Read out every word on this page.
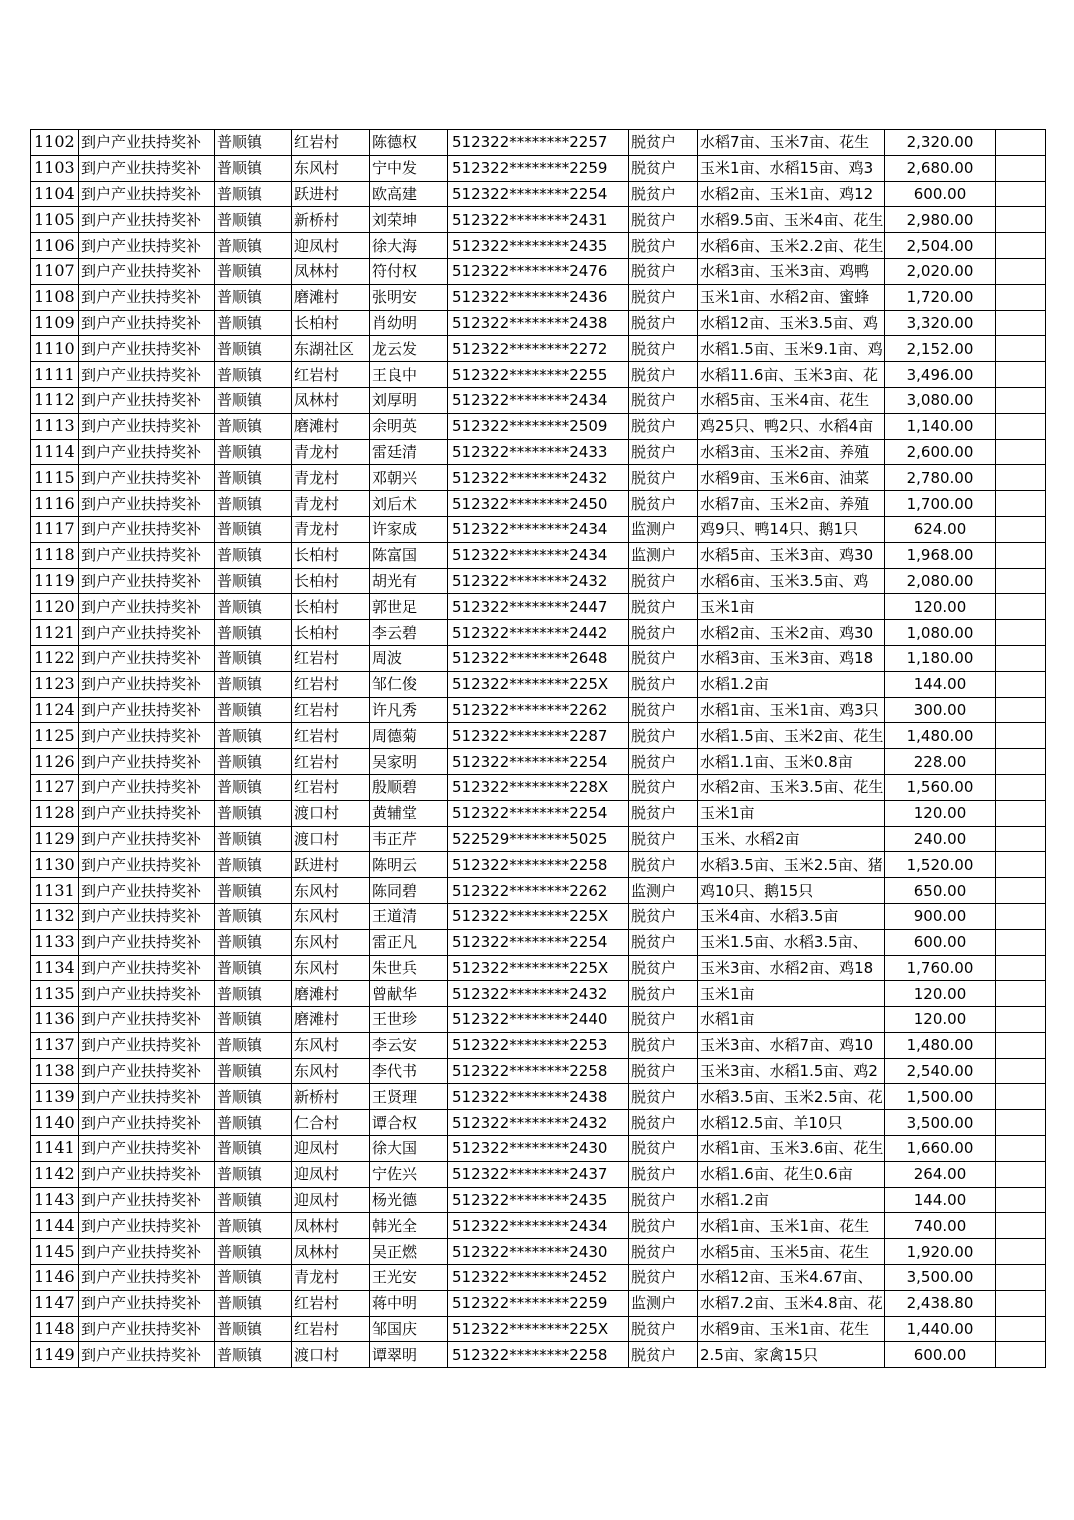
1102	到户产业扶持奖补	普顺镇	红岩村	陈德权	512322********2257	脱贫户	水稻7亩、玉米7亩、花生	2,320.00	
1103	到户产业扶持奖补	普顺镇	东风村	宁中发	512322********2259	脱贫户	玉米1亩、水稻15亩、鸡3	2,680.00	
1104	到户产业扶持奖补	普顺镇	跃进村	欧高建	512322********2254	脱贫户	水稻2亩、玉米1亩、鸡12	600.00	
1105	到户产业扶持奖补	普顺镇	新桥村	刘荣坤	512322********2431	脱贫户	水稻9.5亩、玉米4亩、花生	2,980.00	
1106	到户产业扶持奖补	普顺镇	迎凤村	徐大海	512322********2435	脱贫户	水稻6亩、玉米2.2亩、花生	2,504.00	
1107	到户产业扶持奖补	普顺镇	凤林村	符付权	512322********2476	脱贫户	水稻3亩、玉米3亩、鸡鸭	2,020.00	
1108	到户产业扶持奖补	普顺镇	磨滩村	张明安	512322********2436	脱贫户	玉米1亩、水稻2亩、蜜蜂	1,720.00	
1109	到户产业扶持奖补	普顺镇	长柏村	肖幼明	512322********2438	脱贫户	水稻12亩、玉米3.5亩、鸡	3,320.00	
1110	到户产业扶持奖补	普顺镇	东湖社区	龙云发	512322********2272	脱贫户	水稻1.5亩、玉米9.1亩、鸡	2,152.00	
1111	到户产业扶持奖补	普顺镇	红岩村	王良中	512322********2255	脱贫户	水稻11.6亩、玉米3亩、花	3,496.00	
1112	到户产业扶持奖补	普顺镇	凤林村	刘厚明	512322********2434	脱贫户	水稻5亩、玉米4亩、花生	3,080.00	
1113	到户产业扶持奖补	普顺镇	磨滩村	余明英	512322********2509	脱贫户	鸡25只、鸭2只、水稻4亩	1,140.00	
1114	到户产业扶持奖补	普顺镇	青龙村	雷廷清	512322********2433	脱贫户	水稻3亩、玉米2亩、养殖	2,600.00	
1115	到户产业扶持奖补	普顺镇	青龙村	邓朝兴	512322********2432	脱贫户	水稻9亩、玉米6亩、油菜	2,780.00	
1116	到户产业扶持奖补	普顺镇	青龙村	刘后术	512322********2450	脱贫户	水稻7亩、玉米2亩、养殖	1,700.00	
1117	到户产业扶持奖补	普顺镇	青龙村	许家成	512322********2434	监测户	鸡9只、鸭14只、鹅1只	624.00	
1118	到户产业扶持奖补	普顺镇	长柏村	陈富国	512322********2434	监测户	水稻5亩、玉米3亩、鸡30	1,968.00	
1119	到户产业扶持奖补	普顺镇	长柏村	胡光有	512322********2432	脱贫户	水稻6亩、玉米3.5亩、鸡	2,080.00	
1120	到户产业扶持奖补	普顺镇	长柏村	郭世足	512322********2447	脱贫户	玉米1亩	120.00	
1121	到户产业扶持奖补	普顺镇	长柏村	李云碧	512322********2442	脱贫户	水稻2亩、玉米2亩、鸡30	1,080.00	
1122	到户产业扶持奖补	普顺镇	红岩村	周波	512322********2648	脱贫户	水稻3亩、玉米3亩、鸡18	1,180.00	
1123	到户产业扶持奖补	普顺镇	红岩村	邹仁俊	512322********225X	脱贫户	水稻1.2亩	144.00	
1124	到户产业扶持奖补	普顺镇	红岩村	许凡秀	512322********2262	脱贫户	水稻1亩、玉米1亩、鸡3只	300.00	
1125	到户产业扶持奖补	普顺镇	红岩村	周德菊	512322********2287	脱贫户	水稻1.5亩、玉米2亩、花生	1,480.00	
1126	到户产业扶持奖补	普顺镇	红岩村	吴家明	512322********2254	脱贫户	水稻1.1亩、玉米0.8亩	228.00	
1127	到户产业扶持奖补	普顺镇	红岩村	殷顺碧	512322********228X	脱贫户	水稻2亩、玉米3.5亩、花生	1,560.00	
1128	到户产业扶持奖补	普顺镇	渡口村	黄辅堂	512322********2254	脱贫户	玉米1亩	120.00	
1129	到户产业扶持奖补	普顺镇	渡口村	韦正芹	522529********5025	脱贫户	玉米、水稻2亩	240.00	
1130	到户产业扶持奖补	普顺镇	跃进村	陈明云	512322********2258	脱贫户	水稻3.5亩、玉米2.5亩、猪	1,520.00	
1131	到户产业扶持奖补	普顺镇	东风村	陈同碧	512322********2262	监测户	鸡10只、鹅15只	650.00	
1132	到户产业扶持奖补	普顺镇	东风村	王道清	512322********225X	脱贫户	玉米4亩、水稻3.5亩	900.00	
1133	到户产业扶持奖补	普顺镇	东风村	雷正凡	512322********2254	脱贫户	玉米1.5亩、水稻3.5亩、	600.00	
1134	到户产业扶持奖补	普顺镇	东风村	朱世兵	512322********225X	脱贫户	玉米3亩、水稻2亩、鸡18	1,760.00	
1135	到户产业扶持奖补	普顺镇	磨滩村	曾献华	512322********2432	脱贫户	玉米1亩	120.00	
1136	到户产业扶持奖补	普顺镇	磨滩村	王世珍	512322********2440	脱贫户	水稻1亩	120.00	
1137	到户产业扶持奖补	普顺镇	东风村	李云安	512322********2253	脱贫户	玉米3亩、水稻7亩、鸡10	1,480.00	
1138	到户产业扶持奖补	普顺镇	东风村	李代书	512322********2258	脱贫户	玉米3亩、水稻1.5亩、鸡2	2,540.00	
1139	到户产业扶持奖补	普顺镇	新桥村	王贤理	512322********2438	脱贫户	水稻3.5亩、玉米2.5亩、花	1,500.00	
1140	到户产业扶持奖补	普顺镇	仁合村	谭合权	512322********2432	脱贫户	水稻12.5亩、羊10只	3,500.00	
1141	到户产业扶持奖补	普顺镇	迎凤村	徐大国	512322********2430	脱贫户	水稻1亩、玉米3.6亩、花生	1,660.00	
1142	到户产业扶持奖补	普顺镇	迎凤村	宁佐兴	512322********2437	脱贫户	水稻1.6亩、花生0.6亩	264.00	
1143	到户产业扶持奖补	普顺镇	迎凤村	杨光德	512322********2435	脱贫户	水稻1.2亩	144.00	
1144	到户产业扶持奖补	普顺镇	凤林村	韩光全	512322********2434	脱贫户	水稻1亩、玉米1亩、花生	740.00	
1145	到户产业扶持奖补	普顺镇	凤林村	吴正燃	512322********2430	脱贫户	水稻5亩、玉米5亩、花生	1,920.00	
1146	到户产业扶持奖补	普顺镇	青龙村	王光安	512322********2452	脱贫户	水稻12亩、玉米4.67亩、	3,500.00	
1147	到户产业扶持奖补	普顺镇	红岩村	蒋中明	512322********2259	监测户	水稻7.2亩、玉米4.8亩、花	2,438.80	
1148	到户产业扶持奖补	普顺镇	红岩村	邹国庆	512322********225X	脱贫户	水稻9亩、玉米1亩、花生	1,440.00	
1149	到户产业扶持奖补	普顺镇	渡口村	谭翠明	512322********2258	脱贫户	2.5亩、家禽15只	600.00	
